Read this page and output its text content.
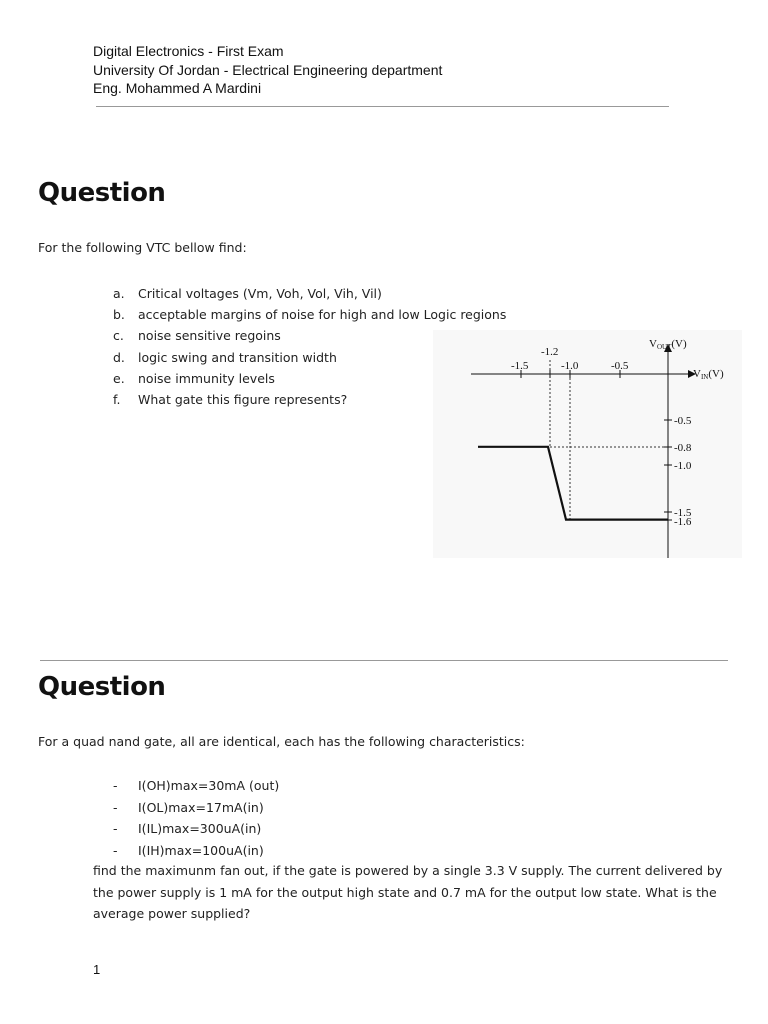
Digital Electronics - First Exam
University Of Jordan - Electrical Engineering department
Eng. Mohammed A Mardini
Question
For the following VTC bellow find:
a.	Critical voltages (Vm, Voh, Vol, Vih, Vil)
b.	acceptable margins of noise for high and low Logic regions
c.	noise sensitive regoins
d.	logic swing and transition width
e.	noise immunity levels
f.	What gate this figure represents?
-1.5
-1.2
-1.0	-0.5
-0.5
-0.8
-1.0
-1.5
-1.6
VOUT(V)
VIN(V)
Question
For a quad nand gate, all are identical, each has the following characteristics:
-	I(OH)max=30mA (out)
-	I(OL)max=17mA(in)
-	I(IL)max=300uA(in)
-	I(IH)max=100uA(in)
find the maximunm fan out, if the gate is powered by a single 3.3 V supply. The current delivered by the power supply is 1 mA for the output high state and 0.7 mA for the output low state. What is the average power supplied?
1
